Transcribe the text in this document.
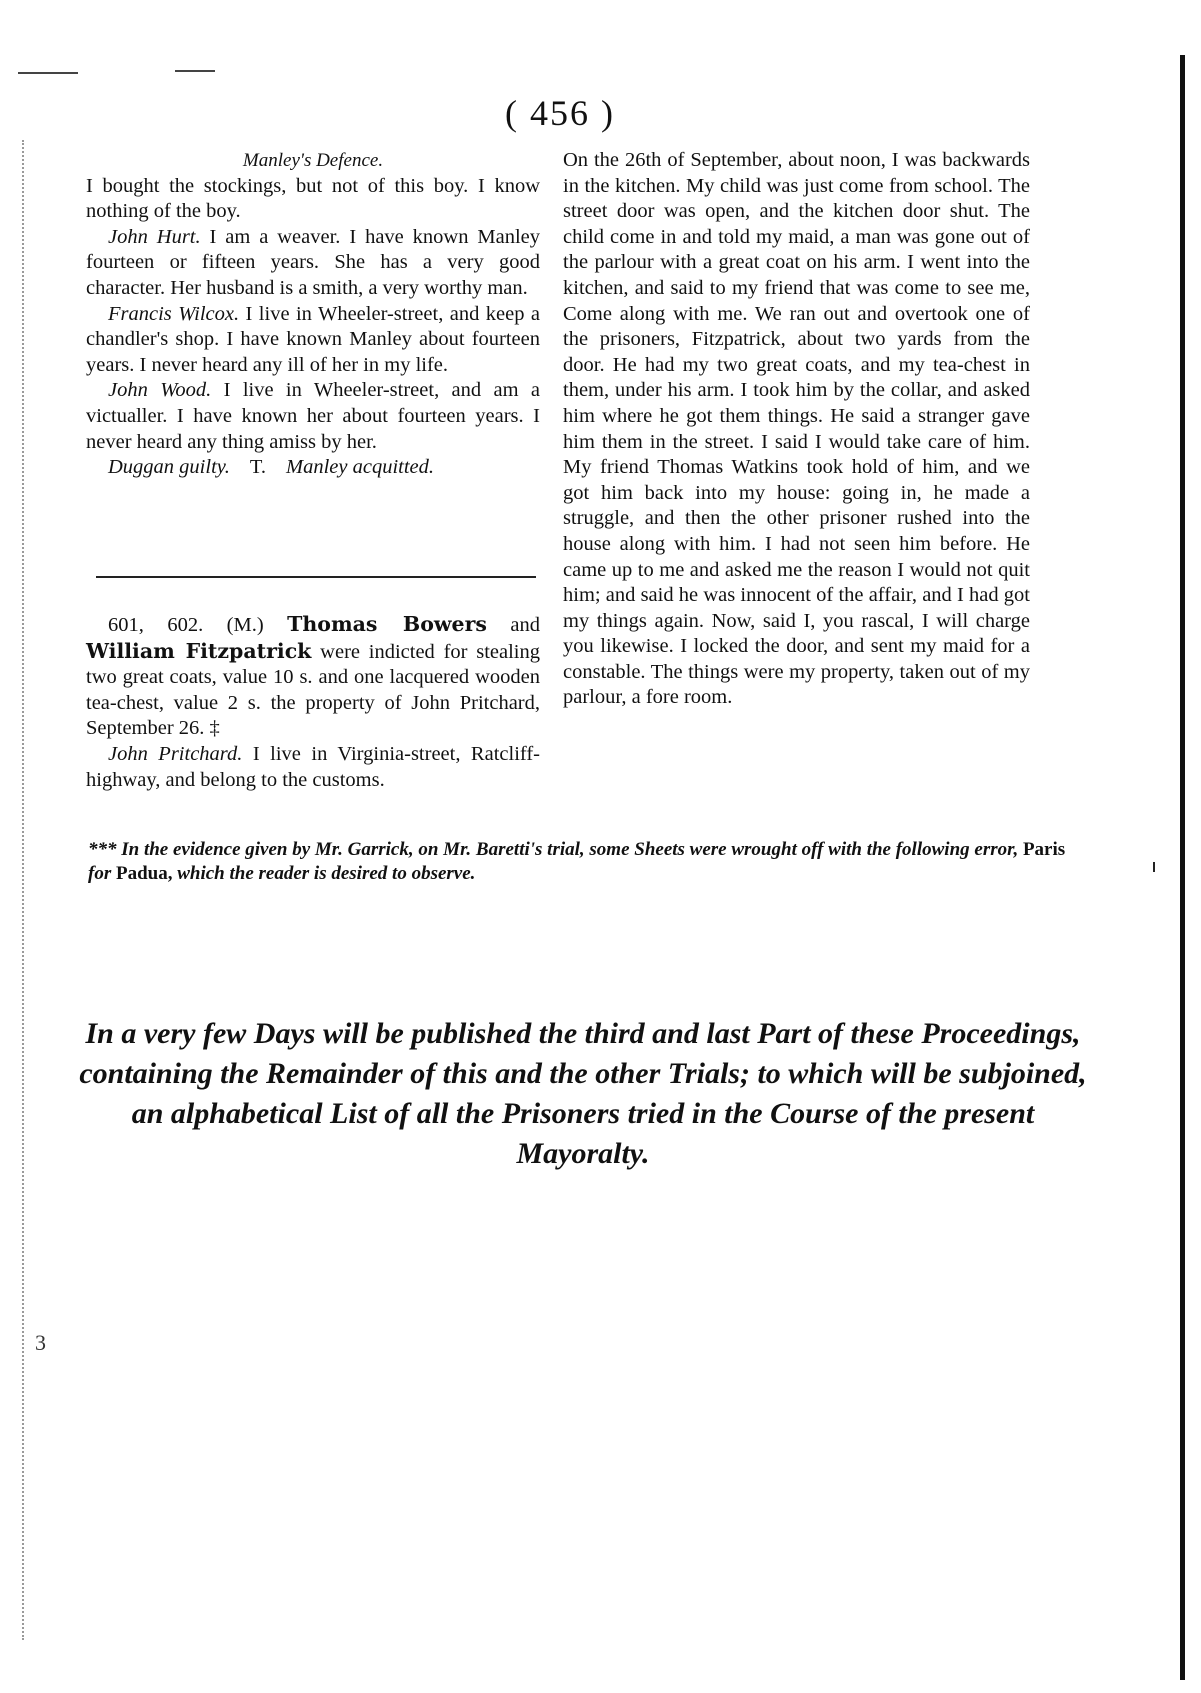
3
( 456 )

Manley's Defence.

I bought the stockings, but not of this boy. I know nothing of the boy.

John Hurt. I am a weaver. I have known Manley fourteen or fifteen years. She has a very good character. Her husband is a smith, a very worthy man.

Francis Wilcox. I live in Wheeler-street, and keep a chandler's shop. I have known Manley about fourteen years. I never heard any ill of her in my life.

John Wood. I live in Wheeler-street, and am a victualler. I have known her about fourteen years. I never heard any thing amiss by her.

Duggan guilty. T. Manley acquitted.

601, 602. (M.) Thomas Bowers and William Fitzpatrick were indicted for stealing two great coats, value 10 s. and one lacquered wooden tea-chest, value 2 s. the property of John Pritchard, September 26. ‡

John Pritchard. I live in Virginia-street, Ratcliff-highway, and belong to the customs.

On the 26th of September, about noon, I was backwards in the kitchen. My child was just come from school. The street door was open, and the kitchen door shut. The child come in and told my maid, a man was gone out of the parlour with a great coat on his arm. I went into the kitchen, and said to my friend that was come to see me, Come along with me. We ran out and overtook one of the prisoners, Fitzpatrick, about two yards from the door. He had my two great coats, and my tea-chest in them, under his arm. I took him by the collar, and asked him where he got them things. He said a stranger gave him them in the street. I said I would take care of him. My friend Thomas Watkins took hold of him, and we got him back into my house: going in, he made a struggle, and then the other prisoner rushed into the house along with him. I had not seen him before. He came up to me and asked me the reason I would not quit him; and said he was innocent of the affair, and I had got my things again. Now, said I, you rascal, I will charge you likewise. I locked the door, and sent my maid for a constable. The things were my property, taken out of my parlour, a fore room.

*** In the evidence given by Mr. Garrick, on Mr. Baretti's trial, some Sheets were wrought off with the following error, Paris for Padua, which the reader is desired to observe.
In a very few Days will be published the third and last Part of these Proceedings, containing the Remainder of this and the other Trials; to which will be subjoined, an alphabetical List of all the Prisoners tried in the Course of the present Mayoralty.
